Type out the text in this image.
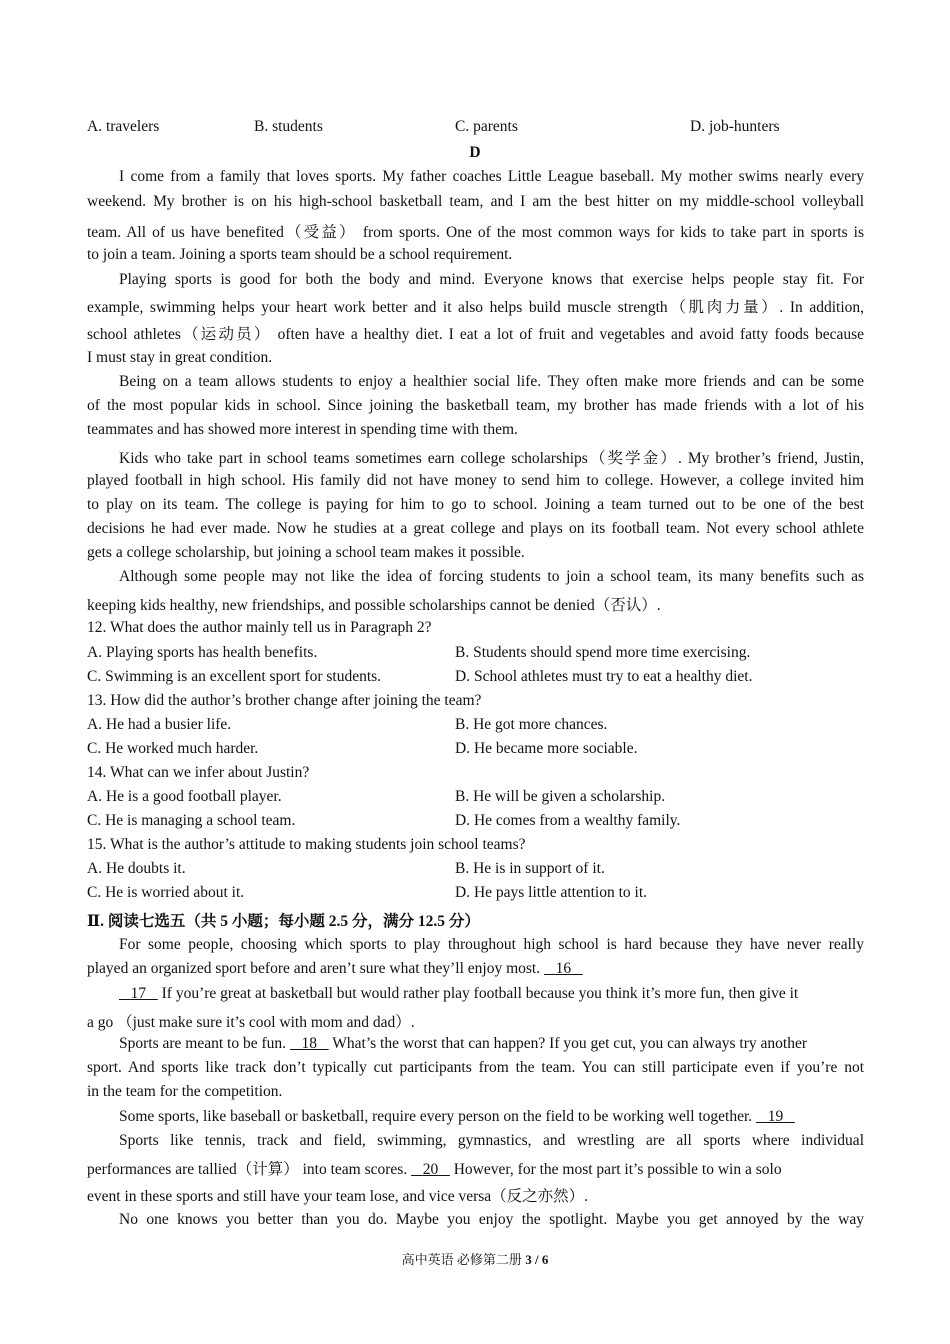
A. travelers	B. students	C. parents	D. job‑hunters
D
I come from a family that loves sports. My father coaches Little League baseball. My mother swims nearly every
weekend. My brother is on his high-school basketball team, and I am the best hitter on my middle‑school volleyball
team. All of us have benefited（受益） from sports. One of the most common ways for kids to take part in sports is
to join a team. Joining a sports team should be a school requirement.
Playing sports is good for both the body and mind. Everyone knows that exercise helps people stay fit. For
example, swimming helps your heart work better and it also helps build muscle strength（肌肉力量）. In addition,
school athletes（运动员） often have a healthy diet. I eat a lot of fruit and vegetables and avoid fatty foods because
I must stay in great condition.
Being on a team allows students to enjoy a healthier social life. They often make more friends and can be some
of the most popular kids in school. Since joining the basketball team, my brother has made friends with a lot of his
teammates and has showed more interest in spending time with them.
Kids who take part in school teams sometimes earn college scholarships（奖学金）. My brother’s friend, Justin,
played football in high school. His family did not have money to send him to college. However, a college invited him
to play on its team. The college is paying for him to go to school. Joining a team turned out to be one of the best
decisions he had ever made. Now he studies at a great college and plays on its football team. Not every school athlete
gets a college scholarship, but joining a school team makes it possible.
Although some people may not like the idea of forcing students to join a school team, its many benefits such as
keeping kids healthy, new friendships, and possible scholarships cannot be denied（否认）.
12. What does the author mainly tell us in Paragraph 2?
A. Playing sports has health benefits.	B. Students should spend more time exercising.
C. Swimming is an excellent sport for students.	D. School athletes must try to eat a healthy diet.
13. How did the author’s brother change after joining the team?
A. He had a busier life.	B. He got more chances.
C. He worked much harder.	D. He became more sociable.
14. What can we infer about Justin?
A. He is a good football player.	B. He will be given a scholarship.
C. He is managing a school team.	D. He comes from a wealthy family.
15. What is the author’s attitude to making students join school teams?
A. He doubts it.	B. He is in support of it.
C. He is worried about it.	D. He pays little attention to it.
Ⅱ. 阅读七选五（共 5 小题；每小题 2.5 分，满分 12.5 分）
For some people, choosing which sports to play throughout high school is hard because they have never really
played an organized sport before and aren’t sure what they’ll enjoy most. 16
17 If you’re great at basketball but would rather play football because you think it’s more fun, then give it
a go （just make sure it’s cool with mom and dad）.
Sports are meant to be fun. 18 What’s the worst that can happen? If you get cut, you can always try another
sport. And sports like track don’t typically cut participants from the team. You can still participate even if you’re not
in the team for the competition.
Some sports, like baseball or basketball, require every person on the field to be working well together. 19
Sports like tennis, track and field, swimming, gymnastics, and wrestling are all sports where individual
performances are tallied（计算） into team scores. 20 However, for the most part it’s possible to win a solo
event in these sports and still have your team lose, and vice versa（反之亦然）.
No one knows you better than you do. Maybe you enjoy the spotlight. Maybe you get annoyed by the way
高中英语 必修第二册 3 / 6
